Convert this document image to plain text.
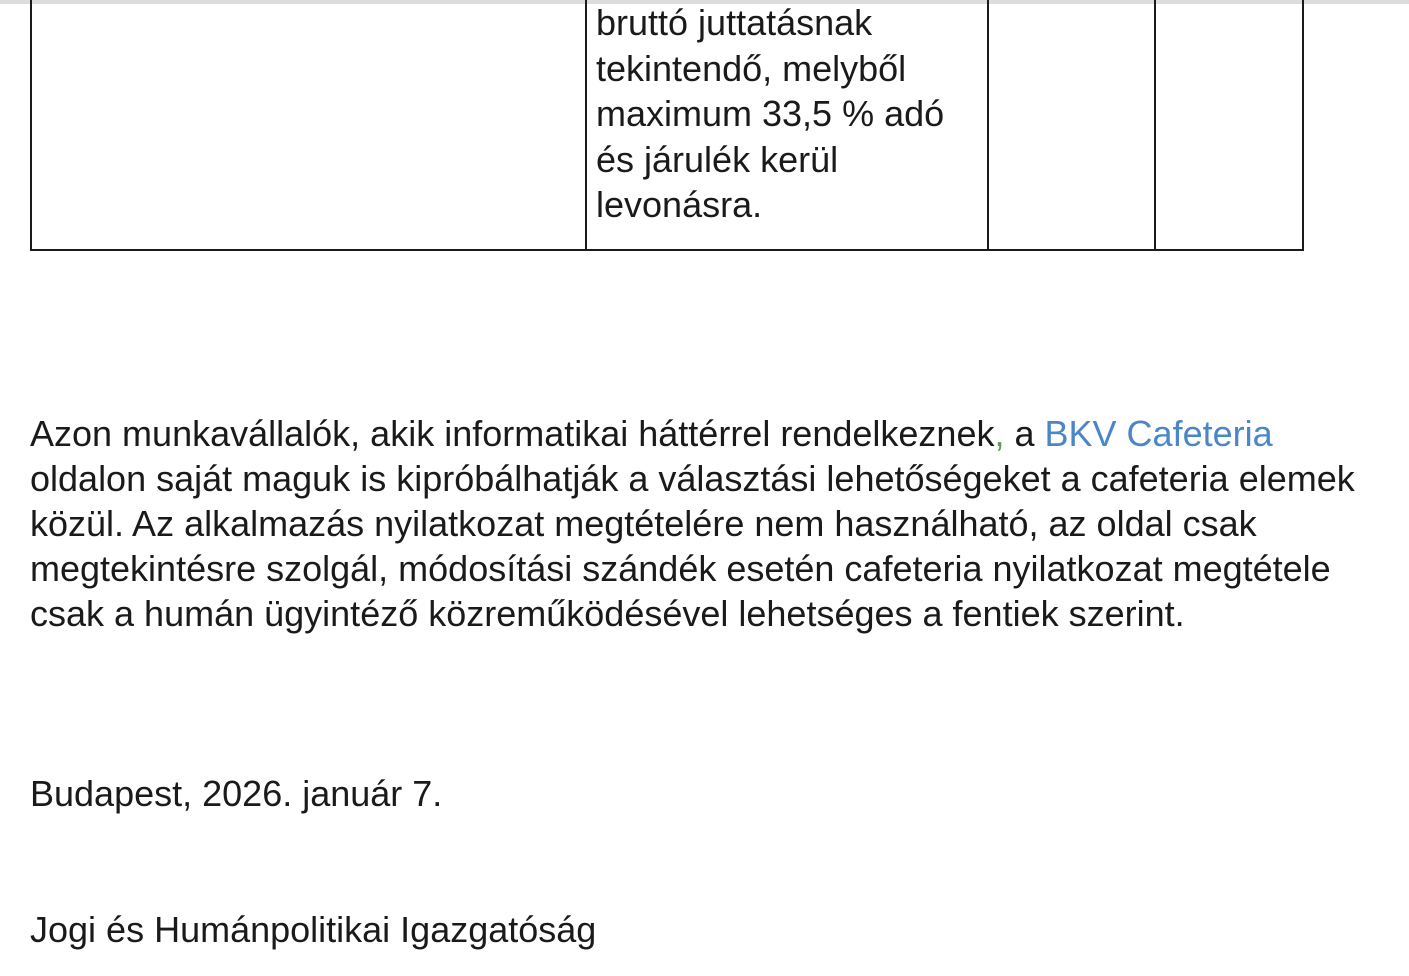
bruttó juttatásnak
tekintendő, melyből
maximum 33,5 % adó
és járulék kerül
levonásra.

Azon munkavállalók, akik informatikai háttérrel rendelkeznek, a BKV Cafeteria oldalon saját maguk is kipróbálhatják a választási lehetőségeket a cafeteria elemek közül. Az alkalmazás nyilatkozat megtételére nem használható, az oldal csak megtekintésre szolgál, módosítási szándék esetén cafeteria nyilatkozat megtétele csak a humán ügyintéző közreműködésével lehetséges a fentiek szerint.

Budapest, 2026. január 7.

Jogi és Humánpolitikai Igazgatóság
